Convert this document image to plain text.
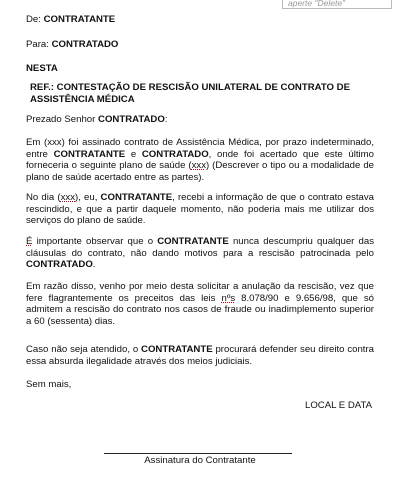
aperte "Delete"
De: CONTRATANTE
Para: CONTRATADO
NESTA
REF.: CONTESTAÇÃO DE RESCISÃO UNILATERAL DE CONTRATO DE ASSISTÊNCIA MÉDICA
Prezado Senhor CONTRATADO:
Em (xxx) foi assinado contrato de Assistência Médica, por prazo indeterminado, entre CONTRATANTE e CONTRATADO, onde foi acertado que este último forneceria o seguinte plano de saúde (xxx) (Descrever o tipo ou a modalidade de plano de saúde acertado entre as partes).
No dia (xxx), eu, CONTRATANTE, recebi a informação de que o contrato estava rescindido, e que a partir daquele momento, não poderia mais me utilizar dos serviços do plano de saúde.
É importante observar que o CONTRATANTE nunca descumpriu qualquer das cláusulas do contrato, não dando motivos para a rescisão patrocinada pelo CONTRATADO.
Em razão disso, venho por meio desta solicitar a anulação da rescisão, vez que fere flagrantemente os preceitos das leis nºs 8.078/90 e 9.656/98, que só admitem a rescisão do contrato nos casos de fraude ou inadimplemento superior a 60 (sessenta) dias.
Caso não seja atendido, o CONTRATANTE procurará defender seu direito contra essa absurda ilegalidade através dos meios judiciais.
Sem mais,
LOCAL E DATA
Assinatura do Contratante
